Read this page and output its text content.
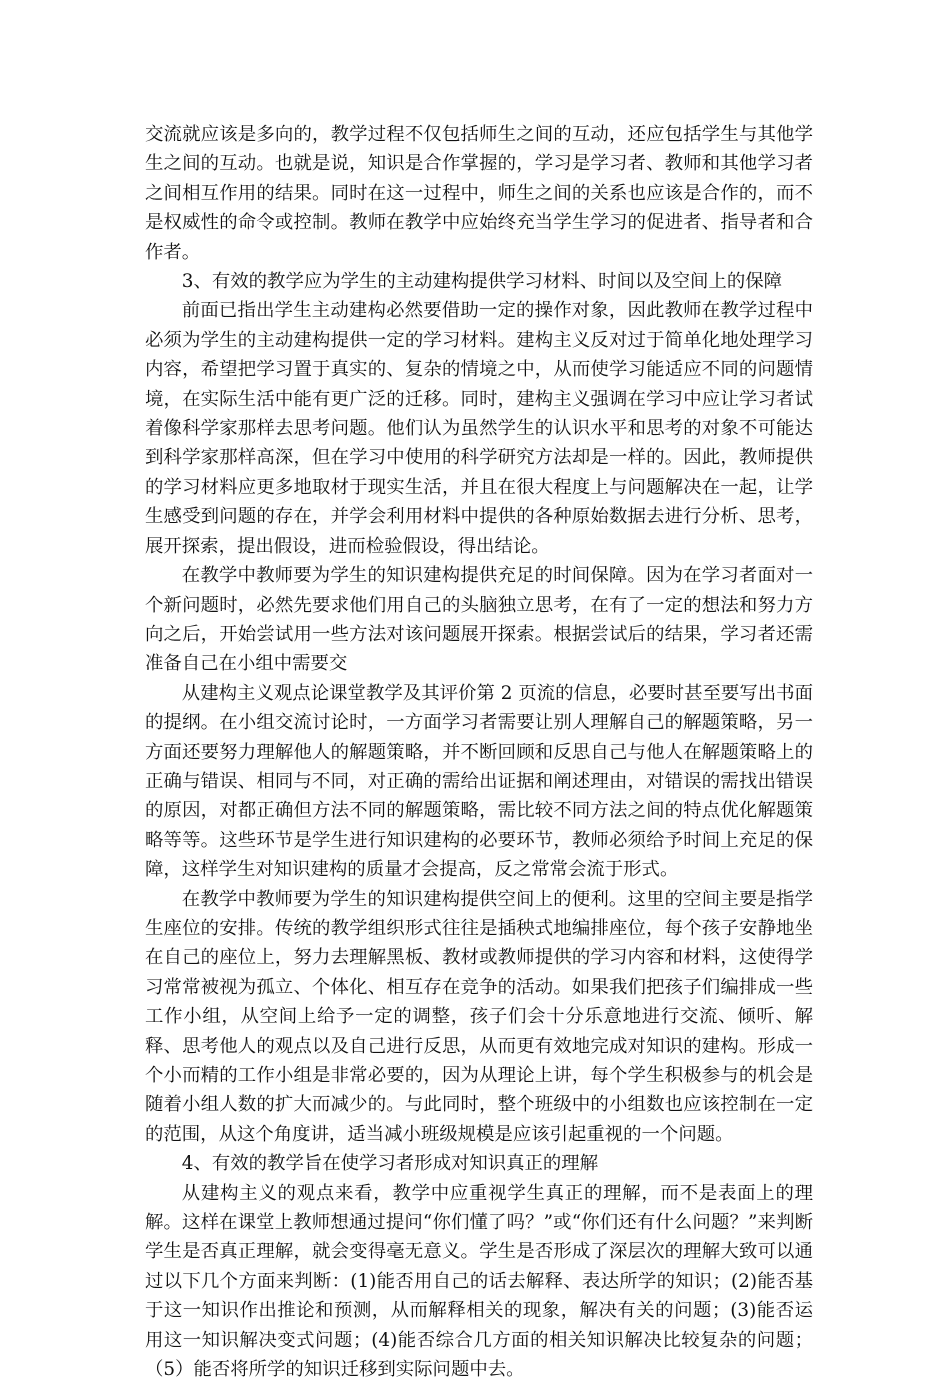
交流就应该是多向的，教学过程不仅包括师生之间的互动，还应包括学生与其他学生之间的互动。也就是说，知识是合作掌握的，学习是学习者、教师和其他学习者之间相互作用的结果。同时在这一过程中，师生之间的关系也应该是合作的，而不是权威性的命令或控制。教师在教学中应始终充当学生学习的促进者、指导者和合作者。

3、有效的教学应为学生的主动建构提供学习材料、时间以及空间上的保障

前面已指出学生主动建构必然要借助一定的操作对象，因此教师在教学过程中必须为学生的主动建构提供一定的学习材料。建构主义反对过于简单化地处理学习内容，希望把学习置于真实的、复杂的情境之中，从而使学习能适应不同的问题情境，在实际生活中能有更广泛的迁移。同时，建构主义强调在学习中应让学习者试着像科学家那样去思考问题。他们认为虽然学生的认识水平和思考的对象不可能达到科学家那样高深，但在学习中使用的科学研究方法却是一样的。因此，教师提供的学习材料应更多地取材于现实生活，并且在很大程度上与问题解决在一起，让学生感受到问题的存在，并学会利用材料中提供的各种原始数据去进行分析、思考，展开探索，提出假设，进而检验假设，得出结论。

在教学中教师要为学生的知识建构提供充足的时间保障。因为在学习者面对一个新问题时，必然先要求他们用自己的头脑独立思考，在有了一定的想法和努力方向之后，开始尝试用一些方法对该问题展开探索。根据尝试后的结果，学习者还需准备自己在小组中需要交

从建构主义观点论课堂教学及其评价第 2 页流的信息，必要时甚至要写出书面的提纲。在小组交流讨论时，一方面学习者需要让别人理解自己的解题策略，另一方面还要努力理解他人的解题策略，并不断回顾和反思自己与他人在解题策略上的正确与错误、相同与不同，对正确的需给出证据和阐述理由，对错误的需找出错误的原因，对都正确但方法不同的解题策略，需比较不同方法之间的特点优化解题策略等等。这些环节是学生进行知识建构的必要环节，教师必须给予时间上充足的保障，这样学生对知识建构的质量才会提高，反之常常会流于形式。

在教学中教师要为学生的知识建构提供空间上的便利。这里的空间主要是指学生座位的安排。传统的教学组织形式往往是插秧式地编排座位，每个孩子安静地坐在自己的座位上，努力去理解黑板、教材或教师提供的学习内容和材料，这使得学习常常被视为孤立、个体化、相互存在竞争的活动。如果我们把孩子们编排成一些工作小组，从空间上给予一定的调整，孩子们会十分乐意地进行交流、倾听、解释、思考他人的观点以及自己进行反思，从而更有效地完成对知识的建构。形成一个小而精的工作小组是非常必要的，因为从理论上讲，每个学生积极参与的机会是随着小组人数的扩大而减少的。与此同时，整个班级中的小组数也应该控制在一定的范围，从这个角度讲，适当减小班级规模是应该引起重视的一个问题。

4、有效的教学旨在使学习者形成对知识真正的理解

从建构主义的观点来看，教学中应重视学生真正的理解，而不是表面上的理解。这样在课堂上教师想通过提问“你们懂了吗？”或“你们还有什么问题？”来判断学生是否真正理解，就会变得毫无意义。学生是否形成了深层次的理解大致可以通过以下几个方面来判断：(1)能否用自己的话去解释、表达所学的知识；(2)能否基于这一知识作出推论和预测，从而解释相关的现象，解决有关的问题；(3)能否运用这一知识解决变式问题；(4)能否综合几方面的相关知识解决比较复杂的问题；（5）能否将所学的知识迁移到实际问题中去。
